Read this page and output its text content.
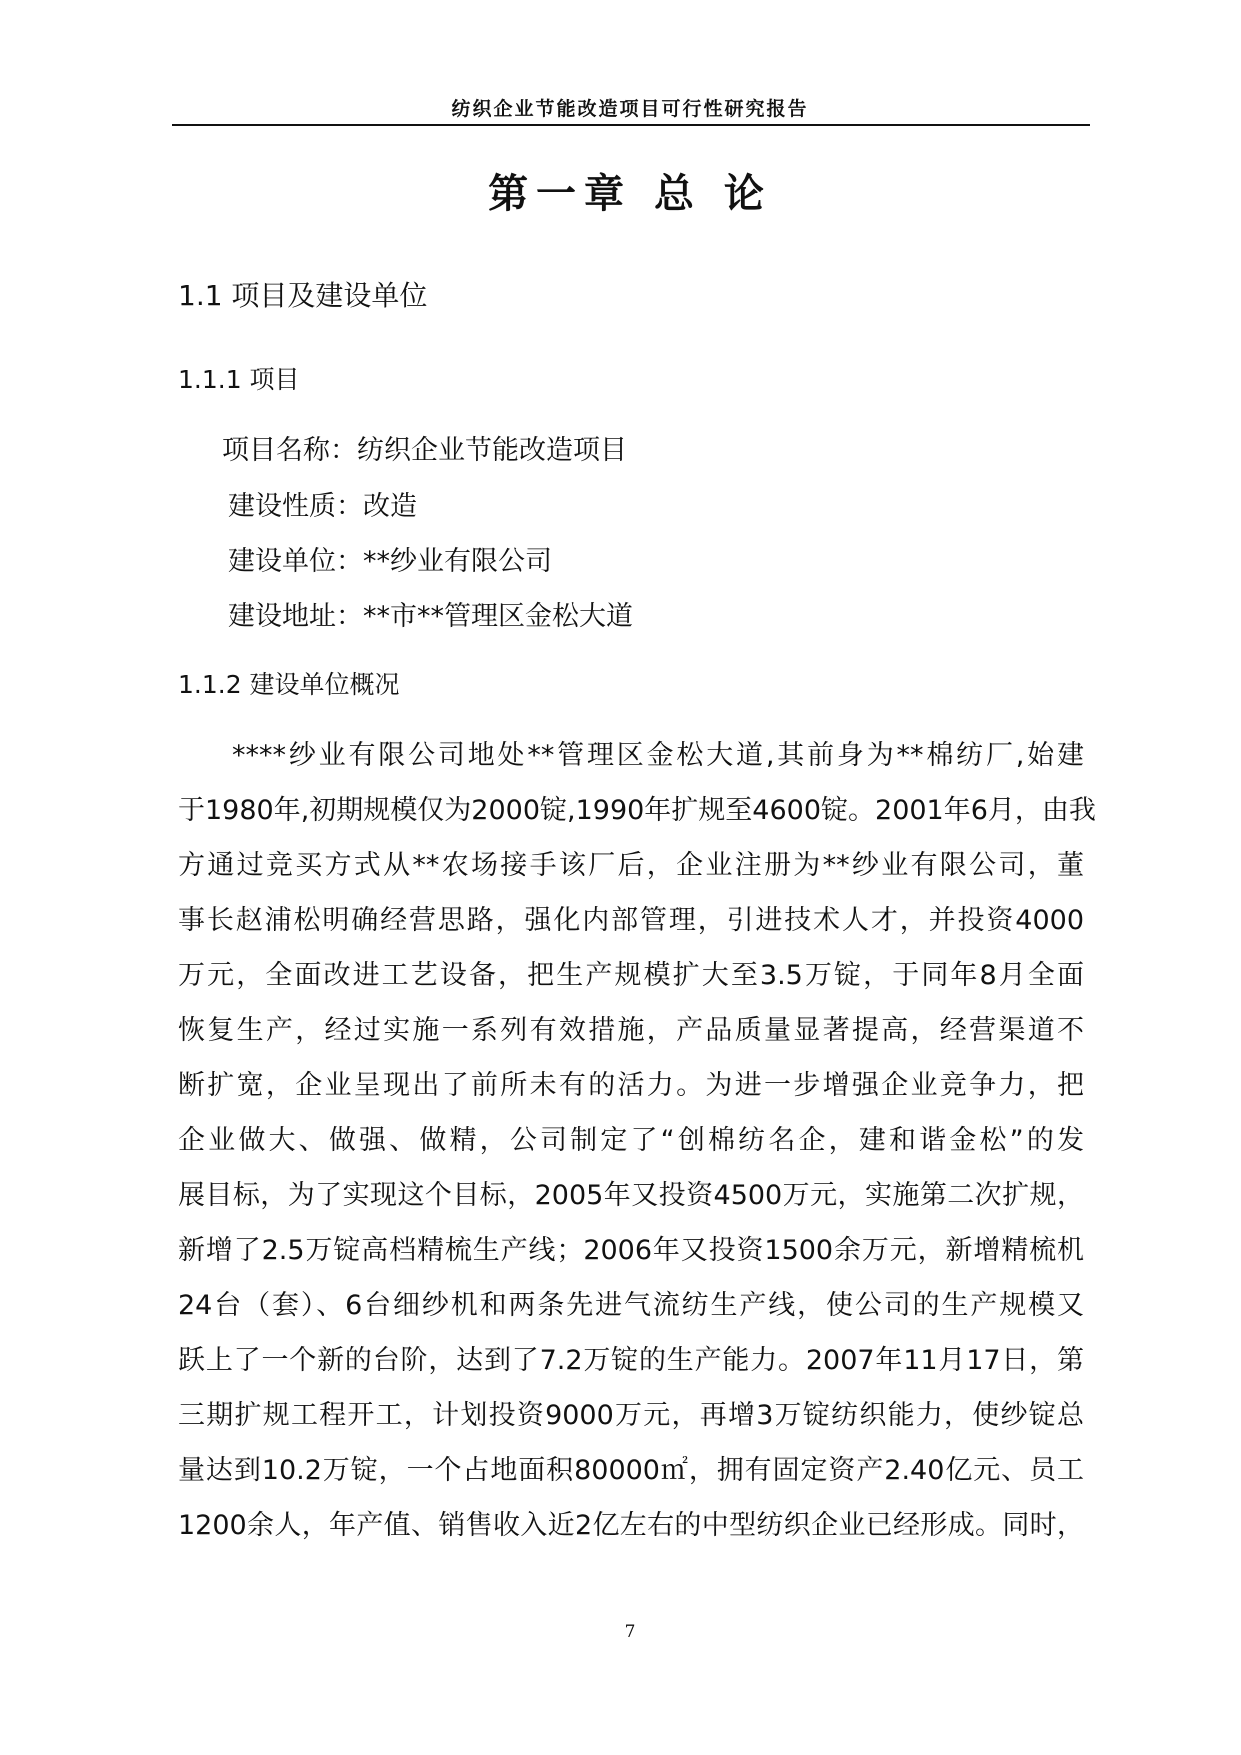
纺织企业节能改造项目可行性研究报告
第一章 总 论
1.1 项目及建设单位
1.1.1 项目
项目名称：纺织企业节能改造项目
建设性质：改造
建设单位：**纱业有限公司
建设地址：**市**管理区金松大道
1.1.2 建设单位概况
****纱业有限公司地处**管理区金松大道,其前身为**棉纺厂,始建
于1980年,初期规模仅为2000锭,1990年扩规至4600锭。2001年6月，由我
方通过竞买方式从**农场接手该厂后，企业注册为**纱业有限公司，董
事长赵浦松明确经营思路，强化内部管理，引进技术人才，并投资4000
万元，全面改进工艺设备，把生产规模扩大至3.5万锭，于同年8月全面
恢复生产，经过实施一系列有效措施，产品质量显著提高，经营渠道不
断扩宽，企业呈现出了前所未有的活力。为进一步增强企业竞争力，把
企业做大、做强、做精，公司制定了“创棉纺名企，建和谐金松”的发
展目标，为了实现这个目标，2005年又投资4500万元，实施第二次扩规，
新增了2.5万锭高档精梳生产线；2006年又投资1500余万元，新增精梳机
24台（套）、6台细纱机和两条先进气流纺生产线，使公司的生产规模又
跃上了一个新的台阶，达到了7.2万锭的生产能力。2007年11月17日，第
三期扩规工程开工，计划投资9000万元，再增3万锭纺织能力，使纱锭总
量达到10.2万锭，一个占地面积80000㎡，拥有固定资产2.40亿元、员工
1200余人，年产值、销售收入近2亿左右的中型纺织企业已经形成。同时，
7
